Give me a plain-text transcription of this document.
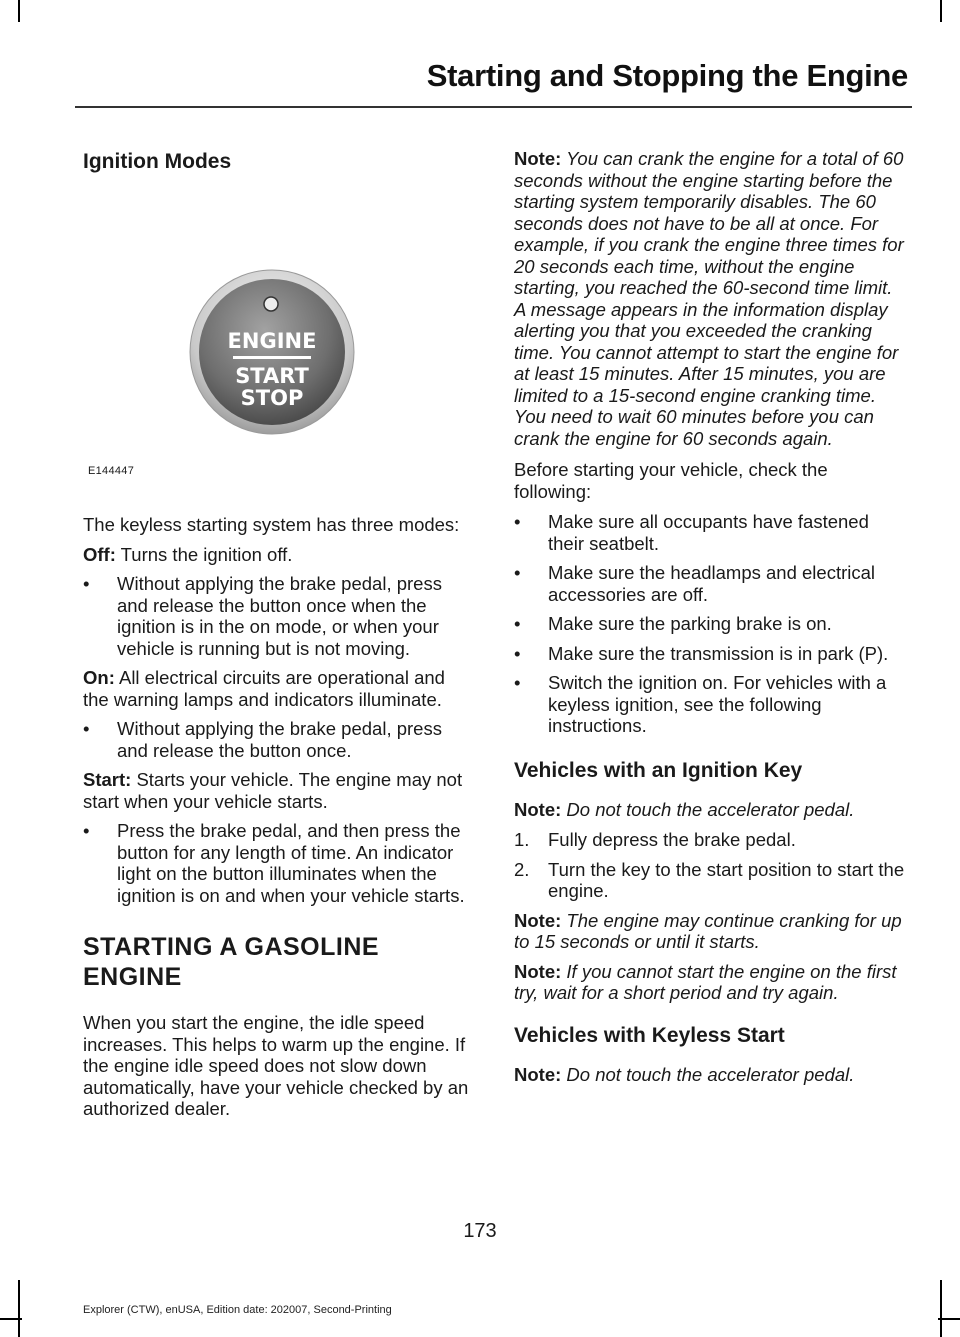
Starting and Stopping the Engine
Ignition Modes
ENGINE
START
STOP
E144447

The keyless starting system has three modes:

Off: Turns the ignition off.

• Without applying the brake pedal, press and release the button once when the ignition is in the on mode, or when your vehicle is running but is not moving.

On: All electrical circuits are operational and the warning lamps and indicators illuminate.

• Without applying the brake pedal, press and release the button once.

Start: Starts your vehicle. The engine may not start when your vehicle starts.

• Press the brake pedal, and then press the button for any length of time. An indicator light on the button illuminates when the ignition is on and when your vehicle starts.
STARTING A GASOLINE
ENGINE

When you start the engine, the idle speed increases. This helps to warm up the engine. If the engine idle speed does not slow down automatically, have your vehicle checked by an authorized dealer.

Note: You can crank the engine for a total of 60 seconds without the engine starting before the starting system temporarily disables. The 60 seconds does not have to be all at once. For example, if you crank the engine three times for 20 seconds each time, without the engine starting, you reached the 60-second time limit. A message appears in the information display alerting you that you exceeded the cranking time. You cannot attempt to start the engine for at least 15 minutes. After 15 minutes, you are limited to a 15-second engine cranking time. You need to wait 60 minutes before you can crank the engine for 60 seconds again.

Before starting your vehicle, check the following:

• Make sure all occupants have fastened their seatbelt.
• Make sure the headlamps and electrical accessories are off.
• Make sure the parking brake is on.
• Make sure the transmission is in park (P).
• Switch the ignition on. For vehicles with a keyless ignition, see the following instructions.
Vehicles with an Ignition Key

Note: Do not touch the accelerator pedal.

1. Fully depress the brake pedal.
2. Turn the key to the start position to start the engine.

Note: The engine may continue cranking for up to 15 seconds or until it starts.

Note: If you cannot start the engine on the first try, wait for a short period and try again.

Vehicles with Keyless Start

Note: Do not touch the accelerator pedal.

173
Explorer (CTW), enUSA, Edition date: 202007, Second-Printing
